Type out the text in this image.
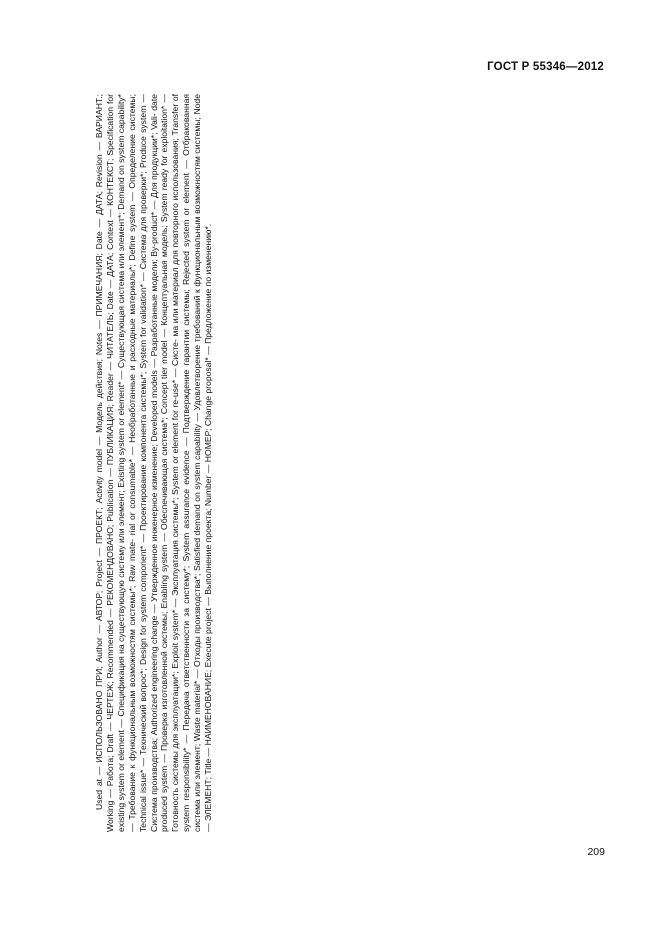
ГОСТ Р 55346—2012

Used at — ИСПОЛЬЗОВАНО ПРИ; Author — АВТОР; Project — ПРОЕКТ; Activity model — Модель действия; Notes — ПРИМЕЧАНИЯ; Date — ДАТА; Revision — ВАРИАНТ.; Working — Работа; Draft — ЧЕРТЕЖ; Recommended — РЕКОМЕНДОВАНО; Publication — ПУБЛИКАЦИЯ; Reader — ЧИТАТЕЛЬ; Date — ДАТА; Context — КОНТЕКСТ; Specification for existing system or element — Спецификация на существующую систему или элемент; Existing system or element* — Существующая система или элемент*; Demand on system capability* — Требование к функциональным возможностям системы*; Raw mate- rial or consumable* — Необработанные и расходные материалы*; Define system — Определение системы; Technical issue* — Технический вопрос*; Design for system component* — Проектирование компонента системы*; System for validation* — Система для проверки*; Produce system — Система производства; Authorized engineering change — Утвержденное инженерное изменение; Developed models — Разработанные модели; By-product* — Для продукции*; Vali- date produced system — Проверка изготовленной системы; Enabling system — Обеспечивающая система*; Concept tier model — Концептуальная модель; System ready for exploitation* — Готовность системы для эксплуатации*; Exploit system* — Эксплуатация системы*; System or element for re-use* — Систе- ма или материал для повторного использования; Transfer of system responsibility* — Передача ответственности за систему*; System assurance evidence — Подтверждение гарантии системы; Rejected system or element — Отбракованная система или элемент; Waste material* — Отходы производства*; Satisfied demand on system capability — Удовлетворение требований к функциональным возможностям системы; Node — ЭЛЕМЕНТ; Title — НАИМЕНОВАНИЕ; Execute project — Выполнение проекта; Number — НОМЕР; Change proposal* — Предложение по изменению*.

209
